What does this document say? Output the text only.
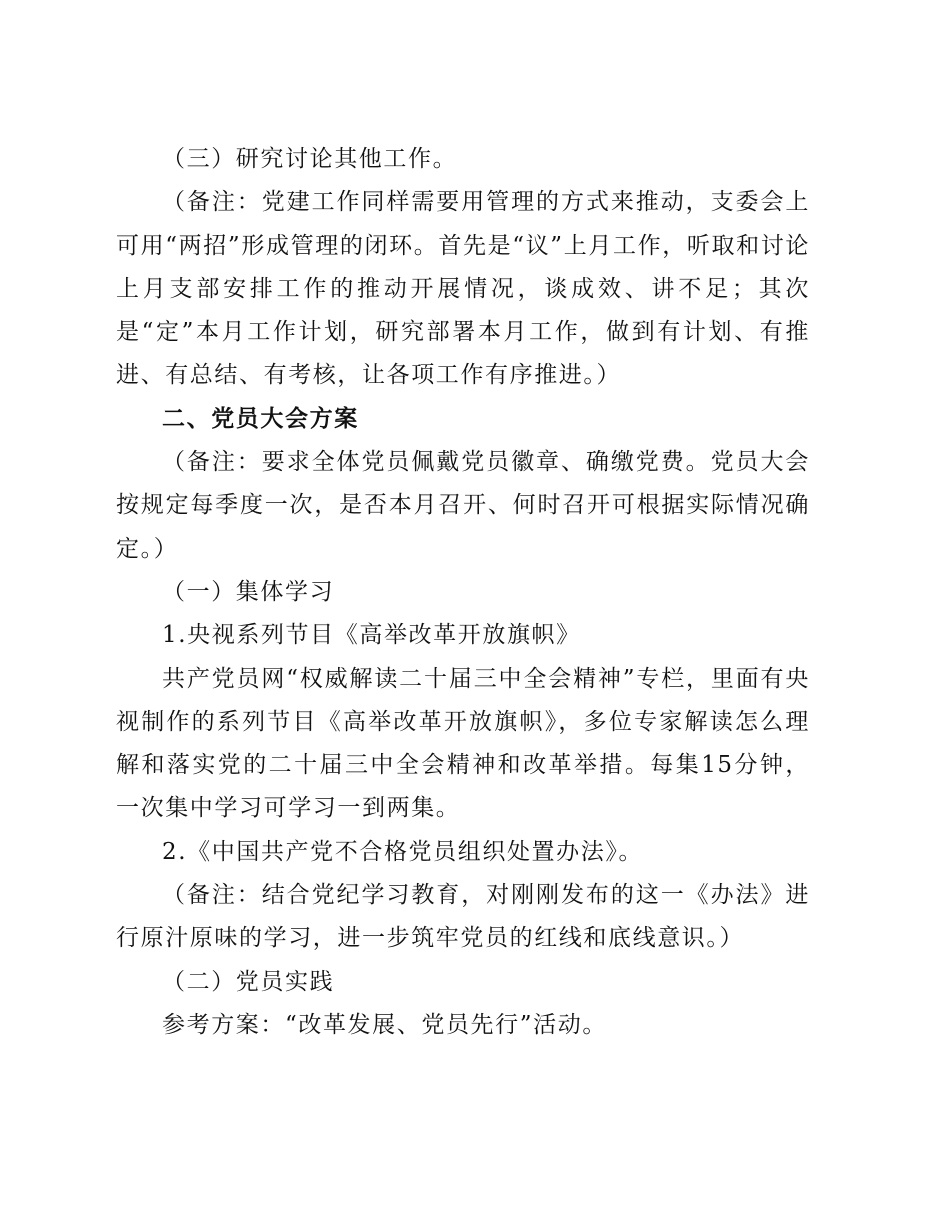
（三）研究讨论其他工作。

（备注：党建工作同样需要用管理的方式来推动，支委会上可用“两招”形成管理的闭环。首先是“议”上月工作，听取和讨论上月支部安排工作的推动开展情况，谈成效、讲不足；其次是“定”本月工作计划，研究部署本月工作，做到有计划、有推进、有总结、有考核，让各项工作有序推进。）

二、党员大会方案

（备注：要求全体党员佩戴党员徽章、确缴党费。党员大会按规定每季度一次，是否本月召开、何时召开可根据实际情况确定。）

（一）集体学习

1.央视系列节目《高举改革开放旗帜》

共产党员网“权威解读二十届三中全会精神”专栏，里面有央视制作的系列节目《高举改革开放旗帜》，多位专家解读怎么理解和落实党的二十届三中全会精神和改革举措。每集15分钟，一次集中学习可学习一到两集。

2.《中国共产党不合格党员组织处置办法》。

（备注：结合党纪学习教育，对刚刚发布的这一《办法》进行原汁原味的学习，进一步筑牢党员的红线和底线意识。）

（二）党员实践

参考方案：“改革发展、党员先行”活动。
